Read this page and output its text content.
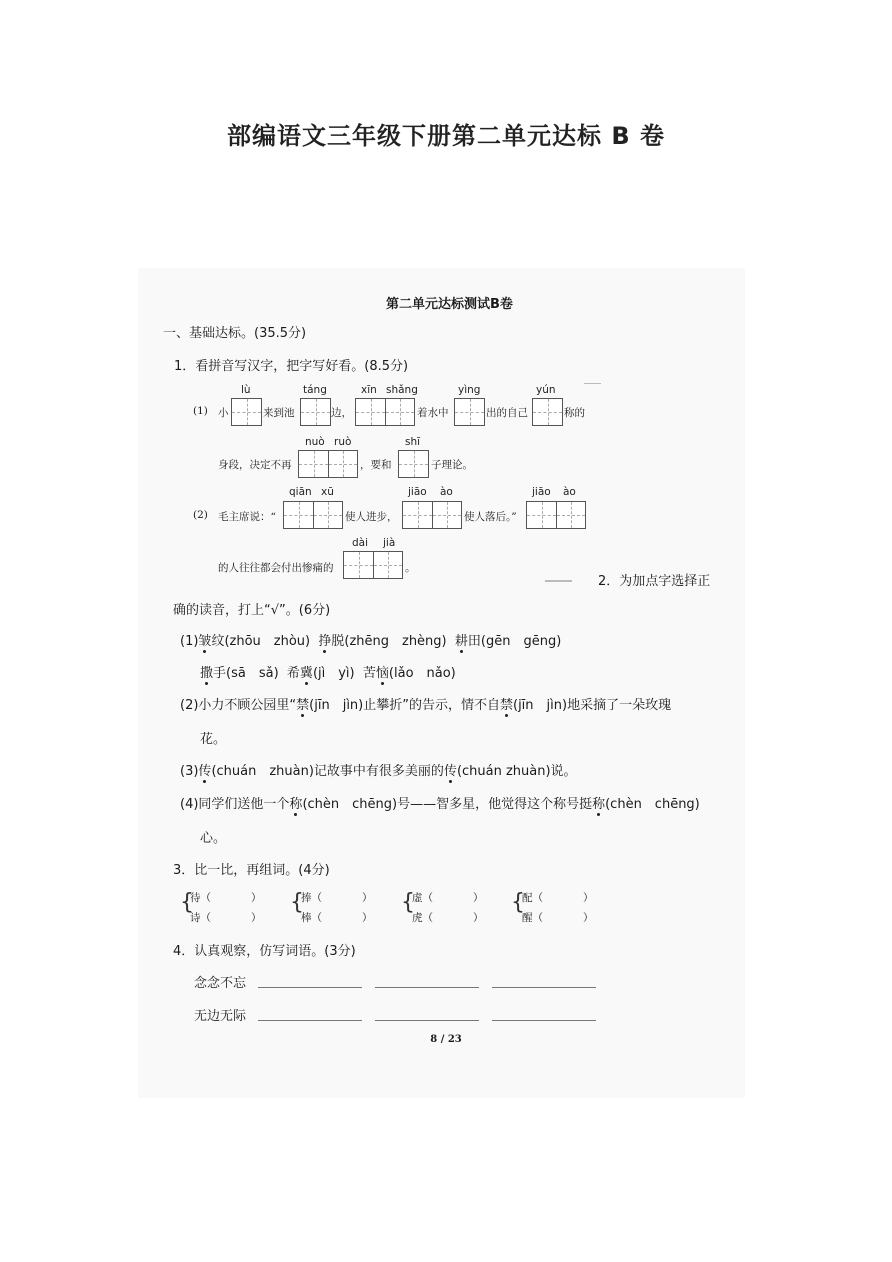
部编语文三年级下册第二单元达标 B 卷
第二单元达标测试B卷
一、基础达标。(35.5分)
1．看拼音写汉字，把字写好看。(8.5分)
lù	táng	xīn shǎng	yìng	yún
(1) 小	来到池	边，	着水中	出的自己	称的
nuò ruò	shī
身段，决定不再	，要和	子理论。
qiān xū	jiāo ào	jiāo ào
(2) 毛主席说：“	使人进步，	使人落后。”
dài jià
的人往往都会付出惨痛的	。
2．为加点字选择正
确的读音，打上“√”。(6分)
(1)皱纹(zhōu　zhòu) 挣脱(zhēng　zhèng) 耕田(gēn　gēng)
撒手(sā　sǎ) 希冀(jì　yì) 苦恼(lǎo　nǎo)
(2)小力不顾公园里“禁(jīn　jìn)止攀折”的告示，情不自禁(jīn　jìn)地采摘了一朵玫瑰
花。
(3)传(chuán　zhuàn)记故事中有很多美丽的传(chuán zhuàn)说。
(4)同学们送他一个称(chèn　chēng)号——智多星，他觉得这个称号挺称(chèn　chēng)
心。
3．比一比，再组词。(4分)
{
待（	）
诗（	）
{
捧（	）
棒（	）
{
虚（	）
虎（	）
{
配（	）
醒（	）
4．认真观察，仿写词语。(3分)
念念不忘
无边无际
8 / 23
